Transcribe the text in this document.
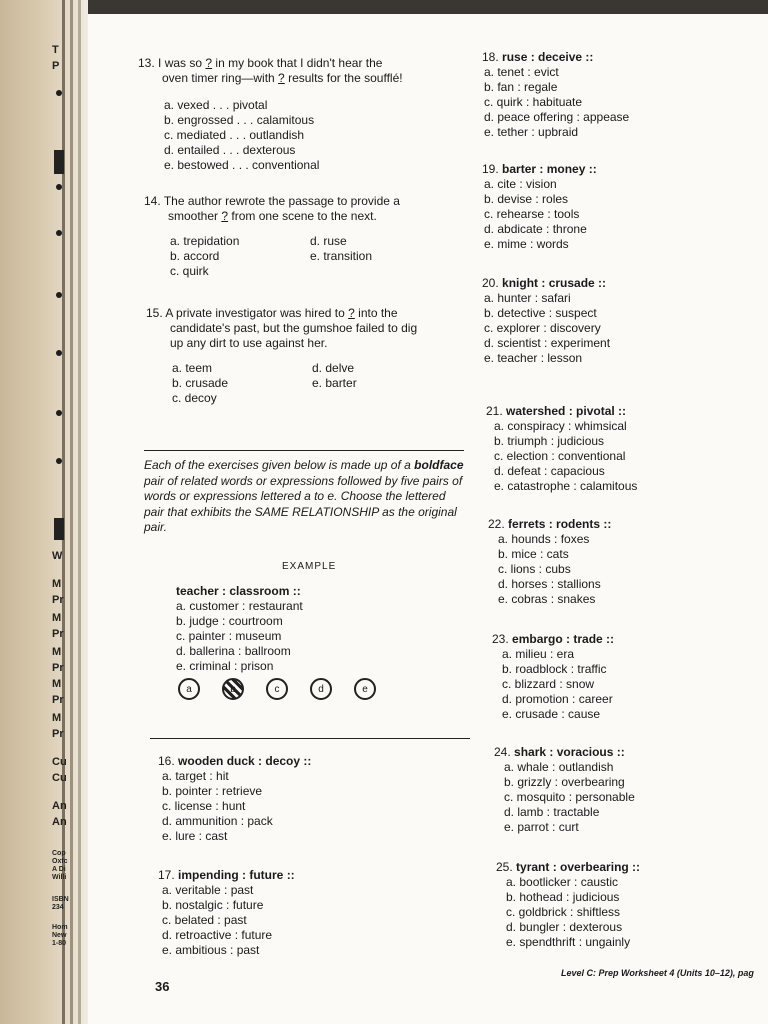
T
P
W
M
Pr
M
Pr
M
Pr
M
Pr
M
Pr
Cu
Cu
An
An
Cop
Oxfc
A Di
Willi
ISBN
234
Hom
New
1-80
13. I was so ? in my book that I didn't hear the
oven timer ring—with ? results for the soufflé!
a. vexed . . . pivotal
b. engrossed . . . calamitous
c. mediated . . . outlandish
d. entailed . . . dexterous
e. bestowed . . . conventional
14. The author rewrote the passage to provide a
smoother ? from one scene to the next.
a. trepidation
b. accord
c. quirk
d. ruse
e. transition
15. A private investigator was hired to ? into the
candidate's past, but the gumshoe failed to dig
up any dirt to use against her.
a. teem
b. crusade
c. decoy
d. delve
e. barter
Each of the exercises given below is made up of a boldface pair of related words or expressions followed by five pairs of words or expressions lettered a to e. Choose the lettered pair that exhibits the SAME RELATIONSHIP as the original pair.
EXAMPLE
teacher : classroom ::
a. customer : restaurant
b. judge : courtroom
c. painter : museum
d. ballerina : ballroom
e. criminal : prison
a	b	c	d	e
16. wooden duck : decoy ::
a. target : hit
b. pointer : retrieve
c. license : hunt
d. ammunition : pack
e. lure : cast
17. impending : future ::
a. veritable : past
b. nostalgic : future
c. belated : past
d. retroactive : future
e. ambitious : past
18. ruse : deceive ::
a. tenet : evict
b. fan : regale
c. quirk : habituate
d. peace offering : appease
e. tether : upbraid
19. barter : money ::
a. cite : vision
b. devise : roles
c. rehearse : tools
d. abdicate : throne
e. mime : words
20. knight : crusade ::
a. hunter : safari
b. detective : suspect
c. explorer : discovery
d. scientist : experiment
e. teacher : lesson
21. watershed : pivotal ::
a. conspiracy : whimsical
b. triumph : judicious
c. election : conventional
d. defeat : capacious
e. catastrophe : calamitous
22. ferrets : rodents ::
a. hounds : foxes
b. mice : cats
c. lions : cubs
d. horses : stallions
e. cobras : snakes
23. embargo : trade ::
a. milieu : era
b. roadblock : traffic
c. blizzard : snow
d. promotion : career
e. crusade : cause
24. shark : voracious ::
a. whale : outlandish
b. grizzly : overbearing
c. mosquito : personable
d. lamb : tractable
e. parrot : curt
25. tyrant : overbearing ::
a. bootlicker : caustic
b. hothead : judicious
c. goldbrick : shiftless
d. bungler : dexterous
e. spendthrift : ungainly
36
Level C: Prep Worksheet 4 (Units 10–12), pag
